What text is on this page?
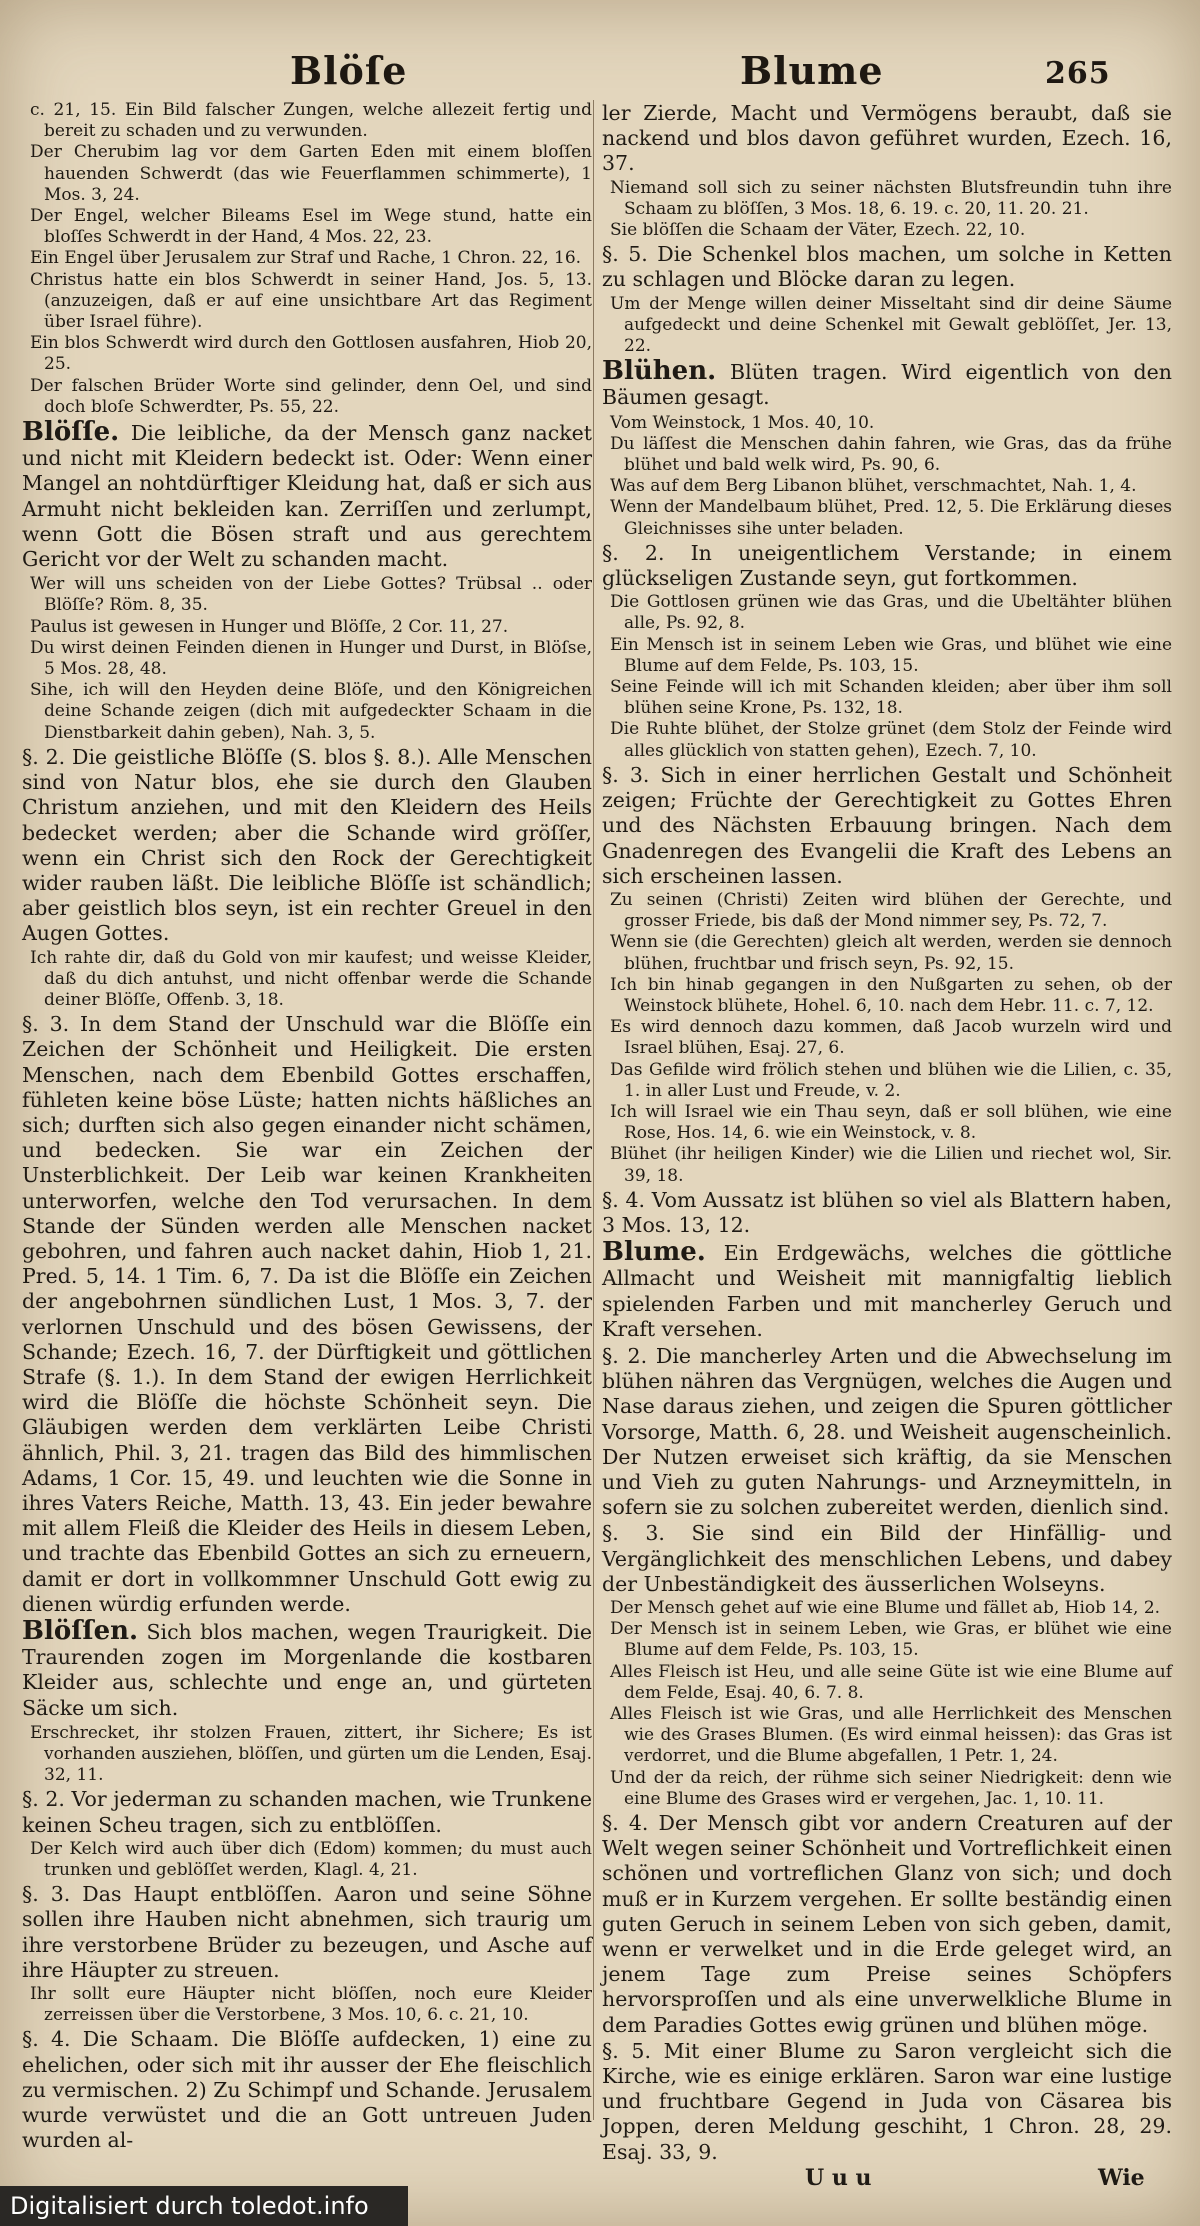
Blöſe	Blume	265

c. 21, 15. Ein Bild falscher Zungen, welche allezeit fertig und bereit zu schaden und zu verwunden.

Der Cherubim lag vor dem Garten Eden mit einem bloſſen hauenden Schwerdt (das wie Feuerflammen schimmerte), 1 Mos. 3, 24.

Der Engel, welcher Bileams Esel im Wege stund, hatte ein bloſſes Schwerdt in der Hand, 4 Mos. 22, 23.

Ein Engel über Jerusalem zur Straf und Rache, 1 Chron. 22, 16.

Christus hatte ein blos Schwerdt in seiner Hand, Jos. 5, 13. (anzuzeigen, daß er auf eine unsichtbare Art das Regiment über Israel führe).

Ein blos Schwerdt wird durch den Gottlosen ausfahren, Hiob 20, 25.

Der falschen Brüder Worte sind gelinder, denn Oel, und sind doch bloſe Schwerdter, Ps. 55, 22.

Blöſſe. Die leibliche, da der Mensch ganz nacket und nicht mit Kleidern bedeckt ist. Oder: Wenn einer Mangel an nohtdürftiger Kleidung hat, daß er sich aus Armuht nicht bekleiden kan. Zerriſſen und zerlumpt, wenn Gott die Bösen straft und aus gerechtem Gericht vor der Welt zu schanden macht.

Wer will uns scheiden von der Liebe Gottes? Trübsal .. oder Blöſſe? Röm. 8, 35.

Paulus ist gewesen in Hunger und Blöſſe, 2 Cor. 11, 27.

Du wirst deinen Feinden dienen in Hunger und Durst, in Blöſse, 5 Mos. 28, 48.

Sihe, ich will den Heyden deine Blöſe, und den Königreichen deine Schande zeigen (dich mit aufgedeckter Schaam in die Dienstbarkeit dahin geben), Nah. 3, 5.

§. 2. Die geistliche Blöſſe (S. blos §. 8.). Alle Menschen sind von Natur blos, ehe sie durch den Glauben Christum anziehen, und mit den Kleidern des Heils bedecket werden; aber die Schande wird gröſſer, wenn ein Christ sich den Rock der Gerechtigkeit wider rauben läßt. Die leibliche Blöſſe ist schändlich; aber geistlich blos seyn, ist ein rechter Greuel in den Augen Gottes.

Ich rahte dir, daß du Gold von mir kaufest; und weisse Kleider, daß du dich antuhst, und nicht offenbar werde die Schande deiner Blöſſe, Offenb. 3, 18.

§. 3. In dem Stand der Unschuld war die Blöſſe ein Zeichen der Schönheit und Heiligkeit. Die ersten Menschen, nach dem Ebenbild Gottes erschaffen, fühleten keine böse Lüste; hatten nichts häßliches an sich; durften sich also gegen einander nicht schämen, und bedecken. Sie war ein Zeichen der Unsterblichkeit. Der Leib war keinen Krankheiten unterworfen, welche den Tod verursachen. In dem Stande der Sünden werden alle Menschen nacket gebohren, und fahren auch nacket dahin, Hiob 1, 21. Pred. 5, 14. 1 Tim. 6, 7. Da ist die Blöſſe ein Zeichen der angebohrnen sündlichen Lust, 1 Mos. 3, 7. der verlornen Unschuld und des bösen Gewissens, der Schande; Ezech. 16, 7. der Dürftigkeit und göttlichen Strafe (§. 1.). In dem Stand der ewigen Herrlichkeit wird die Blöſſe die höchste Schönheit seyn. Die Gläubigen werden dem verklärten Leibe Christi ähnlich, Phil. 3, 21. tragen das Bild des himmlischen Adams, 1 Cor. 15, 49. und leuchten wie die Sonne in ihres Vaters Reiche, Matth. 13, 43. Ein jeder bewahre mit allem Fleiß die Kleider des Heils in diesem Leben, und trachte das Ebenbild Gottes an sich zu erneuern, damit er dort in vollkommner Unschuld Gott ewig zu dienen würdig erfunden werde.

Blöſſen. Sich blos machen, wegen Traurigkeit. Die Traurenden zogen im Morgenlande die kostbaren Kleider aus, schlechte und enge an, und gürteten Säcke um sich.

Erschrecket, ihr stolzen Frauen, zittert, ihr Sichere; Es ist vorhanden ausziehen, blöſſen, und gürten um die Lenden, Esaj. 32, 11.

§. 2. Vor jederman zu schanden machen, wie Trunkene keinen Scheu tragen, sich zu entblöſſen.

Der Kelch wird auch über dich (Edom) kommen; du must auch trunken und geblöſſet werden, Klagl. 4, 21.

§. 3. Das Haupt entblöſſen. Aaron und seine Söhne sollen ihre Hauben nicht abnehmen, sich traurig um ihre verstorbene Brüder zu bezeugen, und Asche auf ihre Häupter zu streuen.

Ihr sollt eure Häupter nicht blöſſen, noch eure Kleider zerreissen über die Verstorbene, 3 Mos. 10, 6. c. 21, 10.

§. 4. Die Schaam. Die Blöſſe aufdecken, 1) eine zu ehelichen, oder sich mit ihr ausser der Ehe fleischlich zu vermischen. 2) Zu Schimpf und Schande. Jerusalem wurde verwüstet und die an Gott untreuen Juden wurden al-

ler Zierde, Macht und Vermögens beraubt, daß sie nackend und blos davon geführet wurden, Ezech. 16, 37.

Niemand soll sich zu seiner nächsten Blutsfreundin tuhn ihre Schaam zu blöſſen, 3 Mos. 18, 6. 19. c. 20, 11. 20. 21.

Sie blöſſen die Schaam der Väter, Ezech. 22, 10.

§. 5. Die Schenkel blos machen, um solche in Ketten zu schlagen und Blöcke daran zu legen.

Um der Menge willen deiner Misseltaht sind dir deine Säume aufgedeckt und deine Schenkel mit Gewalt geblöſſet, Jer. 13, 22.

Blühen. Blüten tragen. Wird eigentlich von den Bäumen gesagt.

Vom Weinstock, 1 Mos. 40, 10.

Du läſſest die Menschen dahin fahren, wie Gras, das da frühe blühet und bald welk wird, Ps. 90, 6.

Was auf dem Berg Libanon blühet, verschmachtet, Nah. 1, 4.

Wenn der Mandelbaum blühet, Pred. 12, 5. Die Erklärung dieses Gleichnisses sihe unter beladen.

§. 2. In uneigentlichem Verstande; in einem glückseligen Zustande seyn, gut fortkommen.

Die Gottlosen grünen wie das Gras, und die Ubeltähter blühen alle, Ps. 92, 8.

Ein Mensch ist in seinem Leben wie Gras, und blühet wie eine Blume auf dem Felde, Ps. 103, 15.

Seine Feinde will ich mit Schanden kleiden; aber über ihm soll blühen seine Krone, Ps. 132, 18.

Die Ruhte blühet, der Stolze grünet (dem Stolz der Feinde wird alles glücklich von statten gehen), Ezech. 7, 10.

§. 3. Sich in einer herrlichen Gestalt und Schönheit zeigen; Früchte der Gerechtigkeit zu Gottes Ehren und des Nächsten Erbauung bringen. Nach dem Gnadenregen des Evangelii die Kraft des Lebens an sich erscheinen lassen.

Zu seinen (Christi) Zeiten wird blühen der Gerechte, und grosser Friede, bis daß der Mond nimmer sey, Ps. 72, 7.

Wenn sie (die Gerechten) gleich alt werden, werden sie dennoch blühen, fruchtbar und frisch seyn, Ps. 92, 15.

Ich bin hinab gegangen in den Nußgarten zu sehen, ob der Weinstock blühete, Hohel. 6, 10. nach dem Hebr. 11. c. 7, 12.

Es wird dennoch dazu kommen, daß Jacob wurzeln wird und Israel blühen, Esaj. 27, 6.

Das Gefilde wird frölich stehen und blühen wie die Lilien, c. 35, 1. in aller Lust und Freude, v. 2.

Ich will Israel wie ein Thau seyn, daß er soll blühen, wie eine Rose, Hos. 14, 6. wie ein Weinstock, v. 8.

Blühet (ihr heiligen Kinder) wie die Lilien und riechet wol, Sir. 39, 18.

§. 4. Vom Aussatz ist blühen so viel als Blattern haben, 3 Mos. 13, 12.

Blume. Ein Erdgewächs, welches die göttliche Allmacht und Weisheit mit mannigfaltig lieblich spielenden Farben und mit mancherley Geruch und Kraft versehen.

§. 2. Die mancherley Arten und die Abwechselung im blühen nähren das Vergnügen, welches die Augen und Nase daraus ziehen, und zeigen die Spuren göttlicher Vorsorge, Matth. 6, 28. und Weisheit augenscheinlich. Der Nutzen erweiset sich kräftig, da sie Menschen und Vieh zu guten Nahrungs- und Arzneymitteln, in sofern sie zu solchen zubereitet werden, dienlich sind.

§. 3. Sie sind ein Bild der Hinfällig- und Vergänglichkeit des menschlichen Lebens, und dabey der Unbeständigkeit des äusserlichen Wolseyns.

Der Mensch gehet auf wie eine Blume und fället ab, Hiob 14, 2.

Der Mensch ist in seinem Leben, wie Gras, er blühet wie eine Blume auf dem Felde, Ps. 103, 15.

Alles Fleisch ist Heu, und alle seine Güte ist wie eine Blume auf dem Felde, Esaj. 40, 6. 7. 8.

Alles Fleisch ist wie Gras, und alle Herrlichkeit des Menschen wie des Grases Blumen. (Es wird einmal heissen): das Gras ist verdorret, und die Blume abgefallen, 1 Petr. 1, 24.

Und der da reich, der rühme sich seiner Niedrigkeit: denn wie eine Blume des Grases wird er vergehen, Jac. 1, 10. 11.

§. 4. Der Mensch gibt vor andern Creaturen auf der Welt wegen seiner Schönheit und Vortreflichkeit einen schönen und vortreflichen Glanz von sich; und doch muß er in Kurzem vergehen. Er sollte beständig einen guten Geruch in seinem Leben von sich geben, damit, wenn er verwelket und in die Erde geleget wird, an jenem Tage zum Preise seines Schöpfers hervorsproſſen und als eine unverwelkliche Blume in dem Paradies Gottes ewig grünen und blühen möge.

§. 5. Mit einer Blume zu Saron vergleicht sich die Kirche, wie es einige erklären. Saron war eine lustige und fruchtbare Gegend in Juda von Cäsarea bis Joppen, deren Meldung geschiht, 1 Chron. 28, 29. Esaj. 33, 9.

U u u	Wie
Digitalisiert durch toledot.info
